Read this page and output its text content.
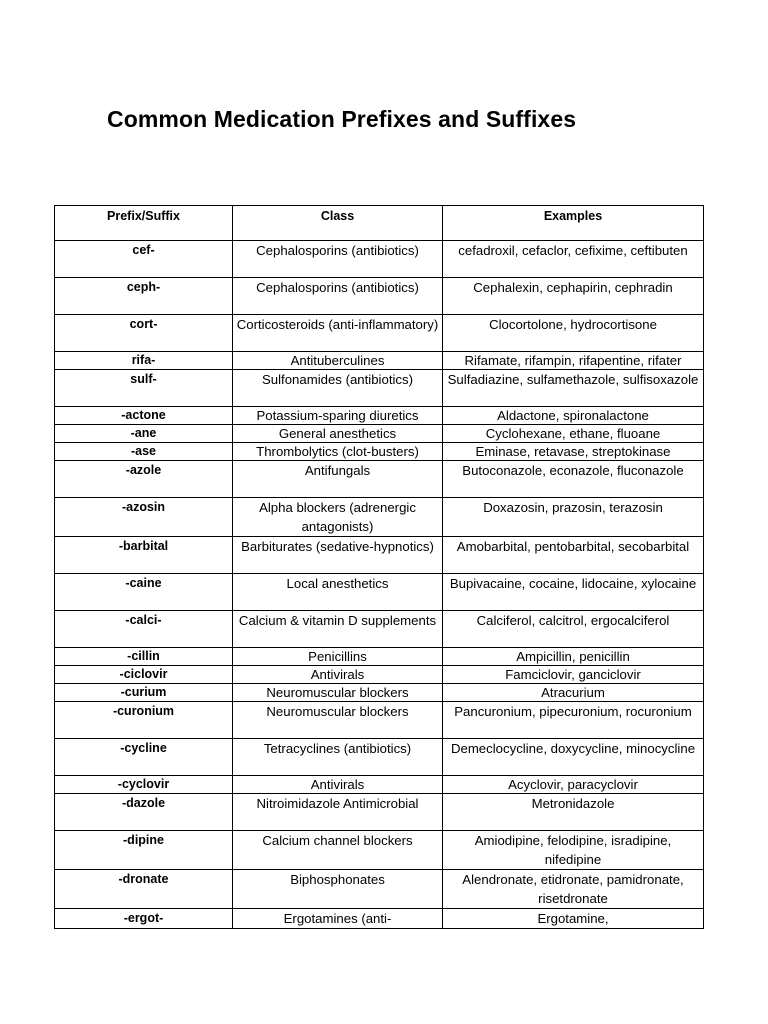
Common Medication Prefixes and Suffixes
Prefix/Suffix	Class	Examples
cef-	Cephalosporins (antibiotics)	cefadroxil, cefaclor, cefixime, ceftibuten
ceph-	Cephalosporins (antibiotics)	Cephalexin, cephapirin, cephradin
cort-	Corticosteroids (anti-inflammatory)	Clocortolone, hydrocortisone
rifa-	Antituberculines	Rifamate, rifampin, rifapentine, rifater
sulf-	Sulfonamides (antibiotics)	Sulfadiazine, sulfamethazole, sulfisoxazole
-actone	Potassium-sparing diuretics	Aldactone, spironalactone
-ane	General anesthetics	Cyclohexane, ethane, fluoane
-ase	Thrombolytics (clot-busters)	Eminase, retavase, streptokinase
-azole	Antifungals	Butoconazole, econazole, fluconazole
-azosin	Alpha blockers (adrenergic antagonists)	Doxazosin, prazosin, terazosin
-barbital	Barbiturates (sedative-hypnotics)	Amobarbital, pentobarbital, secobarbital
-caine	Local anesthetics	Bupivacaine, cocaine, lidocaine, xylocaine
-calci-	Calcium & vitamin D supplements	Calciferol, calcitrol, ergocalciferol
-cillin	Penicillins	Ampicillin, penicillin
-ciclovir	Antivirals	Famciclovir, ganciclovir
-curium	Neuromuscular blockers	Atracurium
-curonium	Neuromuscular blockers	Pancuronium, pipecuronium, rocuronium
-cycline	Tetracyclines (antibiotics)	Demeclocycline, doxycycline, minocycline
-cyclovir	Antivirals	Acyclovir, paracyclovir
-dazole	Nitroimidazole Antimicrobial	Metronidazole
-dipine	Calcium channel blockers	Amiodipine, felodipine, isradipine, nifedipine
-dronate	Biphosphonates	Alendronate, etidronate, pamidronate, risetdronate
-ergot-	Ergotamines (anti-	Ergotamine,
